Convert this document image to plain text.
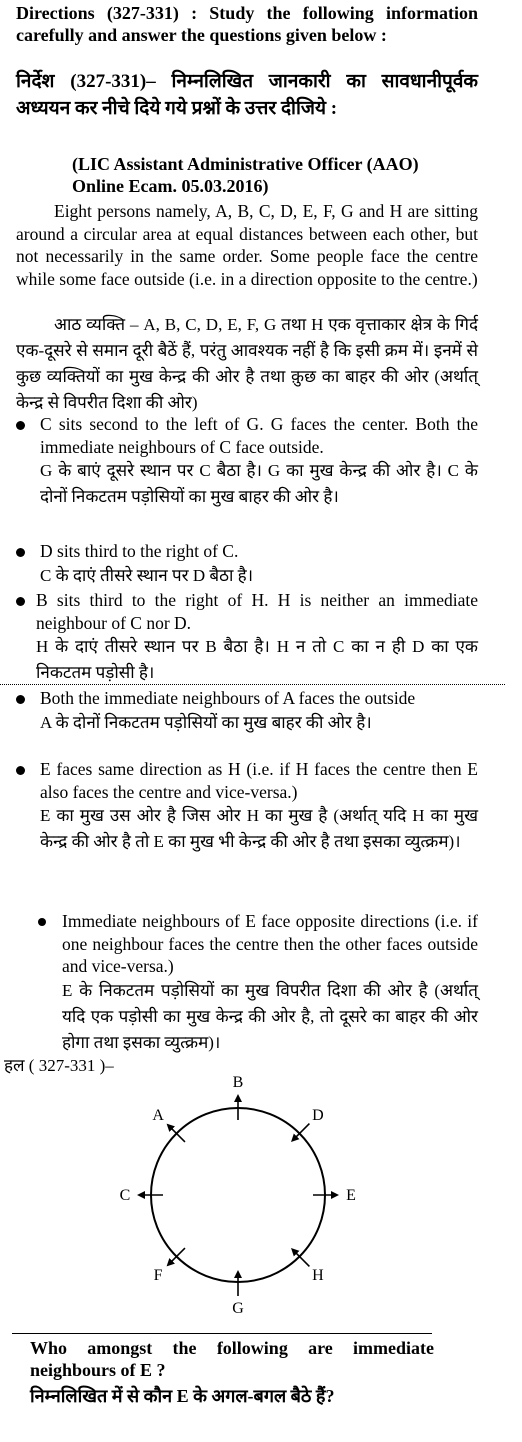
Directions (327-331) : Study the following information carefully and answer the questions given below :

निर्देश (327-331)– निम्नलिखित जानकारी का सावधानीपूर्वक अध्ययन कर नीचे दिये गये प्रश्नों के उत्तर दीजिये :

(LIC Assistant Administrative Officer (AAO)
Online Ecam. 05.03.2016)

Eight persons namely, A, B, C, D, E, F, G and H are sitting around a circular area at equal distances between each other, but not necessarily in the same order. Some people face the centre while some face outside (i.e. in a direction opposite to the centre.)

आठ व्यक्ति – A, B, C, D, E, F, G तथा H एक वृत्ताकार क्षेत्र के गिर्द एक-दूसरे से समान दूरी बैठें हैं, परंतु आवश्यक नहीं है कि इसी क्रम में। इनमें से कुछ व्यक्तियों का मुख केन्द्र की ओर है तथा क़ुछ का बाहर की ओर (अर्थात् केन्द्र से विपरीत दिशा की ओर)

C sits second to the left of G. G faces the center. Both the immediate neighbours of C face outside.

G के बाएं दूसरे स्थान पर C बैठा है। G का मुख केन्द्र की ओर है। C के दोनों निकटतम पड़ोसियों का मुख बाहर की ओर है।

D sits third to the right of C.

C के दाएं तीसरे स्थान पर D बैठा है।

B sits third to the right of H. H is neither an immediate neighbour of C nor D.

H के दाएं तीसरे स्थान पर B बैठा है। H न तो C का न ही D का एक निकटतम पड़ोसी है।

Both the immediate neighbours of A faces the outside

A के दोनों निकटतम पड़ोसियों का मुख बाहर की ओर है।

E faces same direction as H (i.e. if H faces the centre then E also faces the centre and vice-versa.)

E का मुख उस ओर है जिस ओर H का मुख है (अर्थात् यदि H का मुख केन्द्र की ओर है तो E का मुख भी केन्द्र की ओर है तथा इसका व्युत्क्रम)।

Immediate neighbours of E face opposite directions (i.e. if one neighbour faces the centre then the other faces outside and vice-versa.)

E के निकटतम पड़ोसियों का मुख विपरीत दिशा की ओर है (अर्थात् यदि एक पड़ोसी का मुख केन्द्र की ओर है, तो दूसरे का बाहर की ओर होगा तथा इसका व्युत्क्रम)।

हल ( 327-331 )–
B
D
E
H
G
F
C
A

Who amongst the following are immediate neighbours of E ?

निम्नलिखित में से कौन E के अगल-बगल बैठे हैं?
